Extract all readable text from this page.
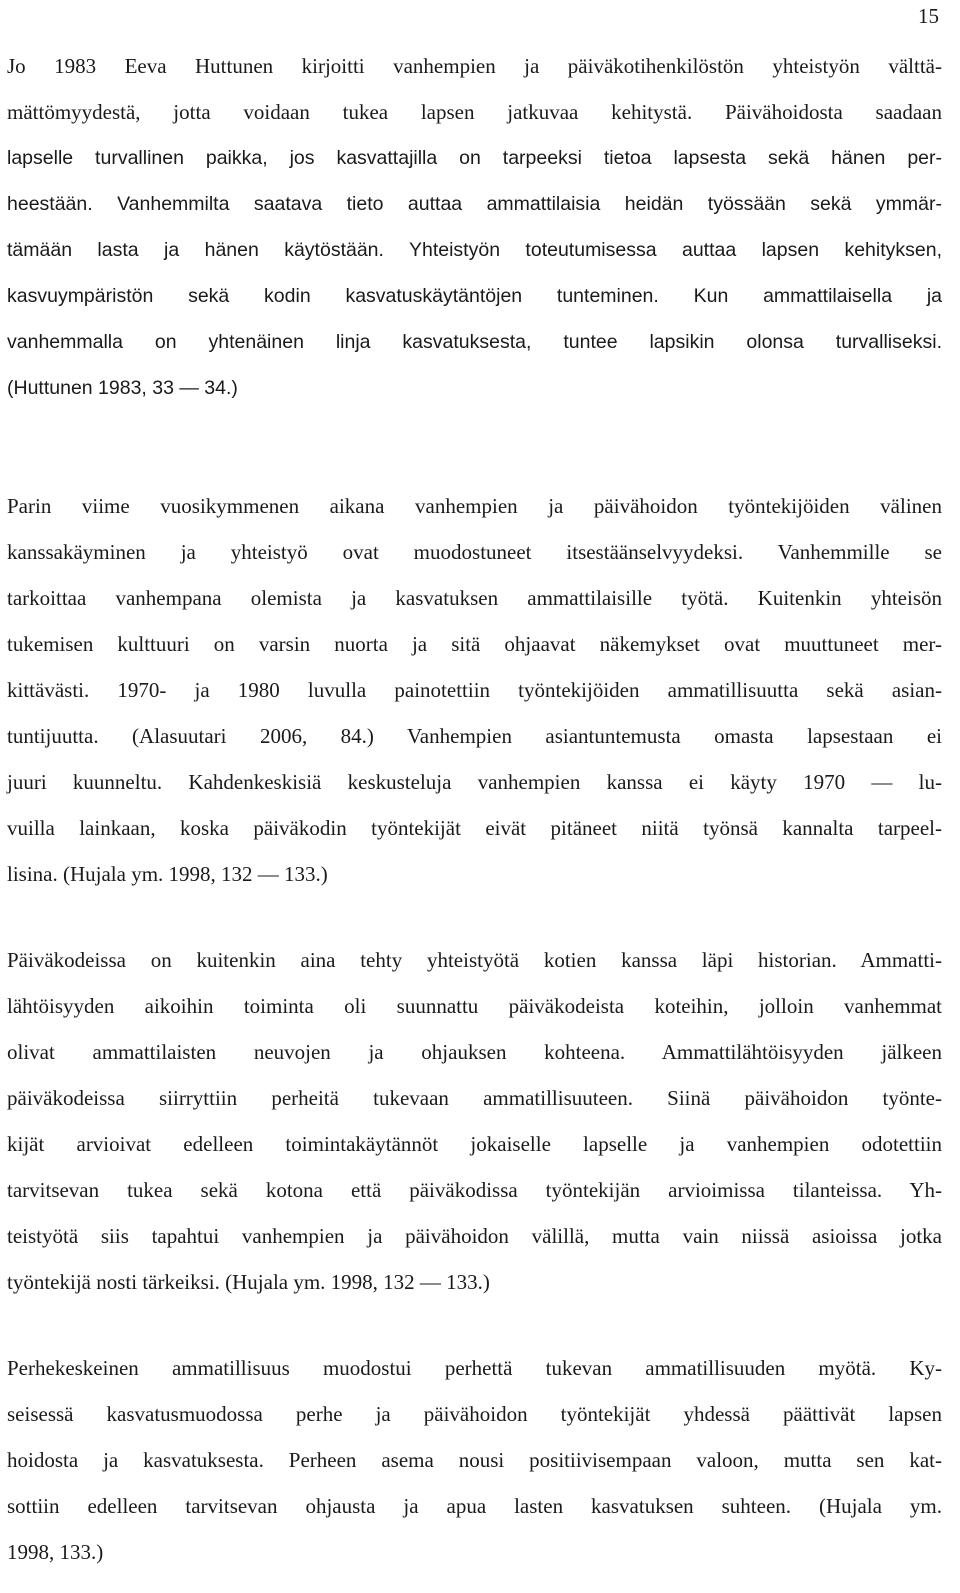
15
Jo 1983 Eeva Huttunen kirjoitti vanhempien ja päiväkotihenkilöstön yhteistyön välttä-
mättömyydestä, jotta voidaan tukea lapsen jatkuvaa kehitystä. Päivähoidosta saadaan
lapselle turvallinen paikka, jos kasvattajilla on tarpeeksi tietoa lapsesta sekä hänen per-
heestään. Vanhemmilta saatava tieto auttaa ammattilaisia heidän työssään sekä ymmär-
tämään lasta ja hänen käytöstään. Yhteistyön toteutumisessa auttaa lapsen kehityksen,
kasvuympäristön sekä kodin kasvatuskäytäntöjen tunteminen. Kun ammattilaisella ja
vanhemmalla on yhtenäinen linja kasvatuksesta, tuntee lapsikin olonsa turvalliseksi.
(Huttunen 1983, 33 — 34.)
Parin viime vuosikymmenen aikana vanhempien ja päivähoidon työntekijöiden välinen
kanssakäyminen ja yhteistyö ovat muodostuneet itsestäänselvyydeksi. Vanhemmille se
tarkoittaa vanhempana olemista ja kasvatuksen ammattilaisille työtä. Kuitenkin yhteisön
tukemisen kulttuuri on varsin nuorta ja sitä ohjaavat näkemykset ovat muuttuneet mer-
kittävästi. 1970- ja 1980 luvulla painotettiin työntekijöiden ammatillisuutta sekä asian-
tuntijuutta. (Alasuutari 2006, 84.) Vanhempien asiantuntemusta omasta lapsestaan ei
juuri kuunneltu. Kahdenkeskisiä keskusteluja vanhempien kanssa ei käyty 1970 — lu-
vuilla lainkaan, koska päiväkodin työntekijät eivät pitäneet niitä työnsä kannalta tarpeel-
lisina. (Hujala ym. 1998, 132 — 133.)
Päiväkodeissa on kuitenkin aina tehty yhteistyötä kotien kanssa läpi historian. Ammatti-
lähtöisyyden aikoihin toiminta oli suunnattu päiväkodeista koteihin, jolloin vanhemmat
olivat ammattilaisten neuvojen ja ohjauksen kohteena. Ammattilähtöisyyden jälkeen
päiväkodeissa siirryttiin perheitä tukevaan ammatillisuuteen. Siinä päivähoidon työnte-
kijät arvioivat edelleen toimintakäytännöt jokaiselle lapselle ja vanhempien odotettiin
tarvitsevan tukea sekä kotona että päiväkodissa työntekijän arvioimissa tilanteissa. Yh-
teistyötä siis tapahtui vanhempien ja päivähoidon välillä, mutta vain niissä asioissa jotka
työntekijä nosti tärkeiksi. (Hujala ym. 1998, 132 — 133.)
Perhekeskeinen ammatillisuus muodostui perhettä tukevan ammatillisuuden myötä. Ky-
seisessä kasvatusmuodossa perhe ja päivähoidon työntekijät yhdessä päättivät lapsen
hoidosta ja kasvatuksesta. Perheen asema nousi positiivisempaan valoon, mutta sen kat-
sottiin edelleen tarvitsevan ohjausta ja apua lasten kasvatuksen suhteen. (Hujala ym.
1998, 133.)
